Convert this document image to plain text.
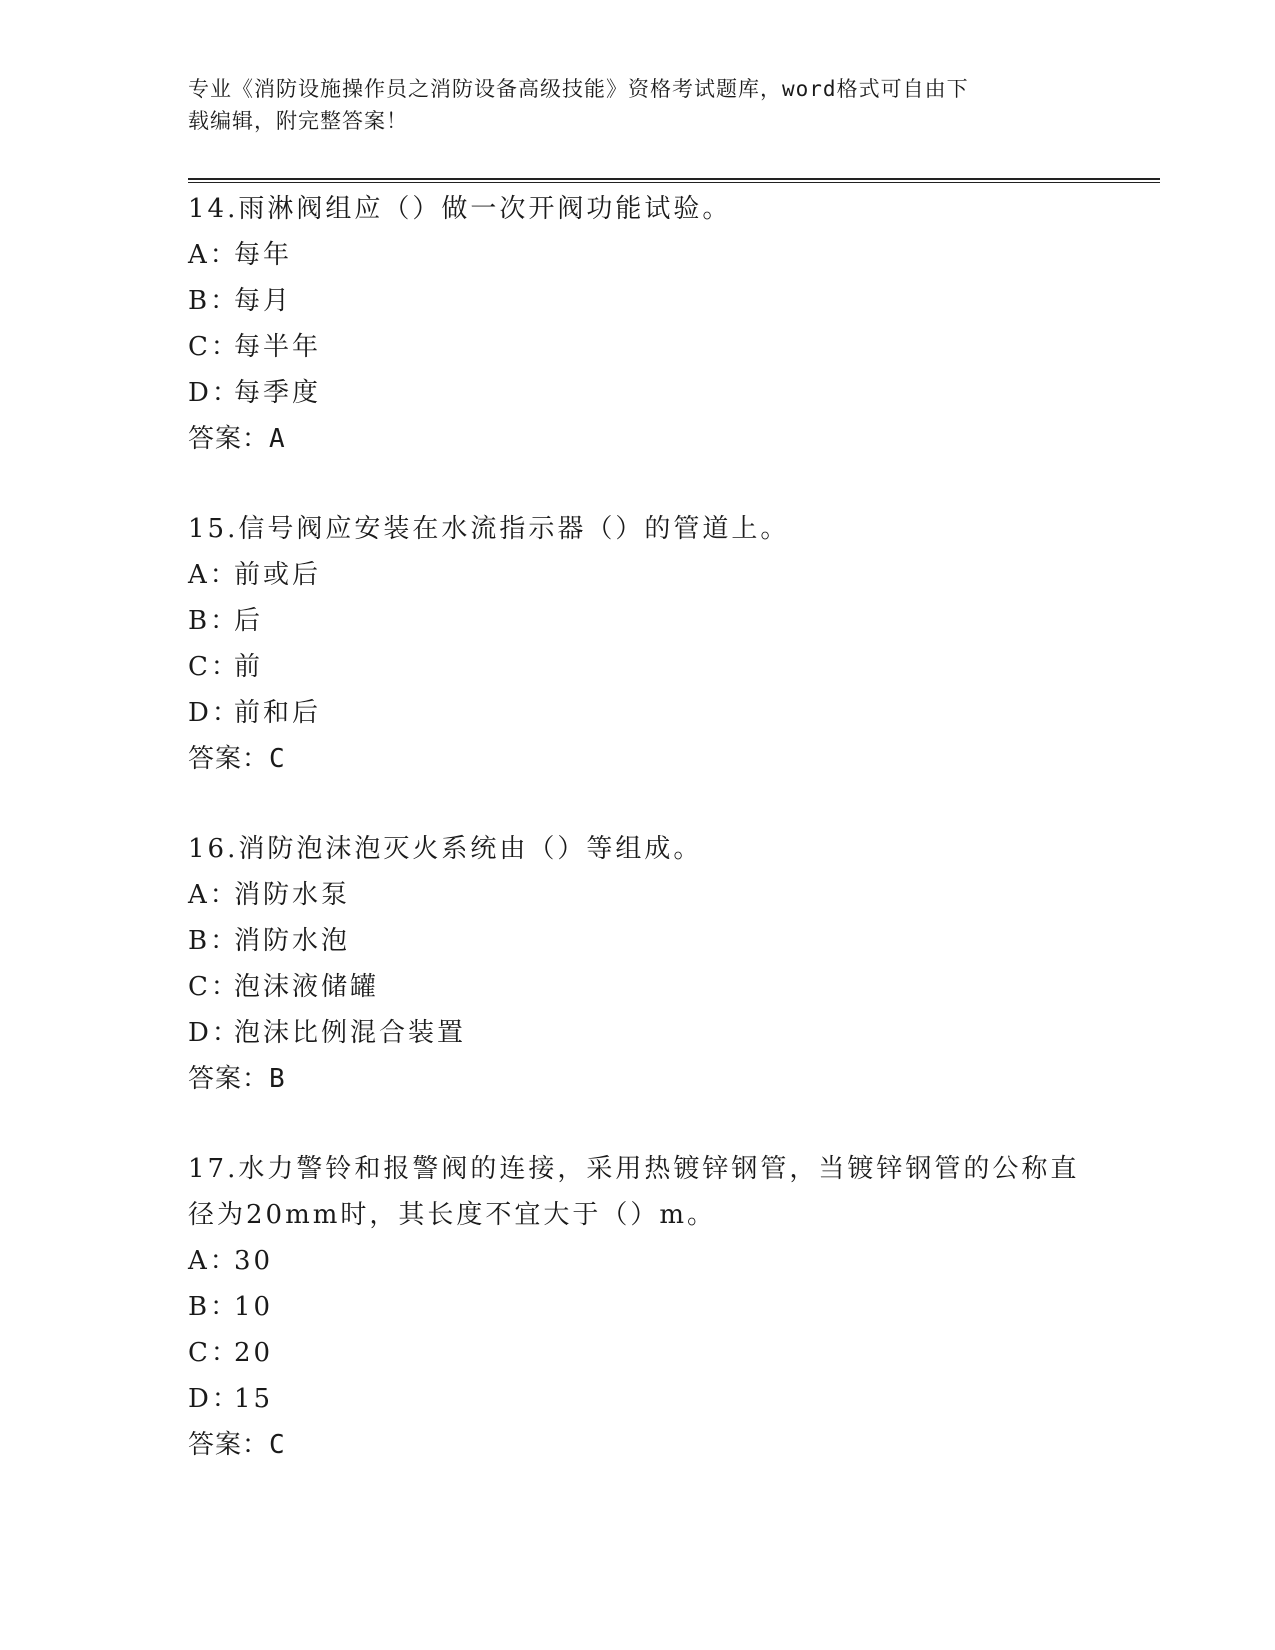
专业《消防设施操作员之消防设备高级技能》资格考试题库，word格式可自由下
载编辑，附完整答案！

14.雨淋阀组应（）做一次开阀功能试验。

A：每年

B：每月

C：每半年

D：每季度

答案：A

15.信号阀应安装在水流指示器（）的管道上。

A：前或后

B：后

C：前

D：前和后

答案：C

16.消防泡沫泡灭火系统由（）等组成。

A：消防水泵

B：消防水泡

C：泡沫液储罐

D：泡沫比例混合装置

答案：B

17.水力警铃和报警阀的连接，采用热镀锌钢管，当镀锌钢管的公称直

径为20mm时，其长度不宜大于（）m。

A：30

B：10

C：20

D：15

答案：C
